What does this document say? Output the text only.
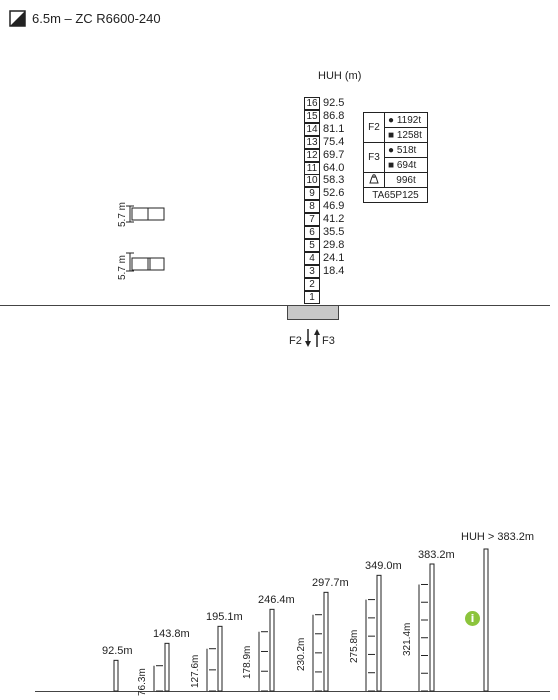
6.5m – ZC R6600-240
HUH (m)
16 92.5
15 86.8
14 81.1
13 75.4
12 69.7
11 64.0
10 58.3
9 52.6
8 46.9
7 41.2
6 35.5
5 29.8
4 24.1
3 18.4
2
1
5.7 m
5.7 m
F2 F3
F2	● 1192t
	■ 1258t
F3	● 518t
	■ 694t
	996t
TA65P125	
92.5m
143.8m
76.3m
195.1m
127.6m
246.4m
178.9m
297.7m
230.2m
349.0m
275.8m
383.2m
321.4m
HUH > 383.2m
i
